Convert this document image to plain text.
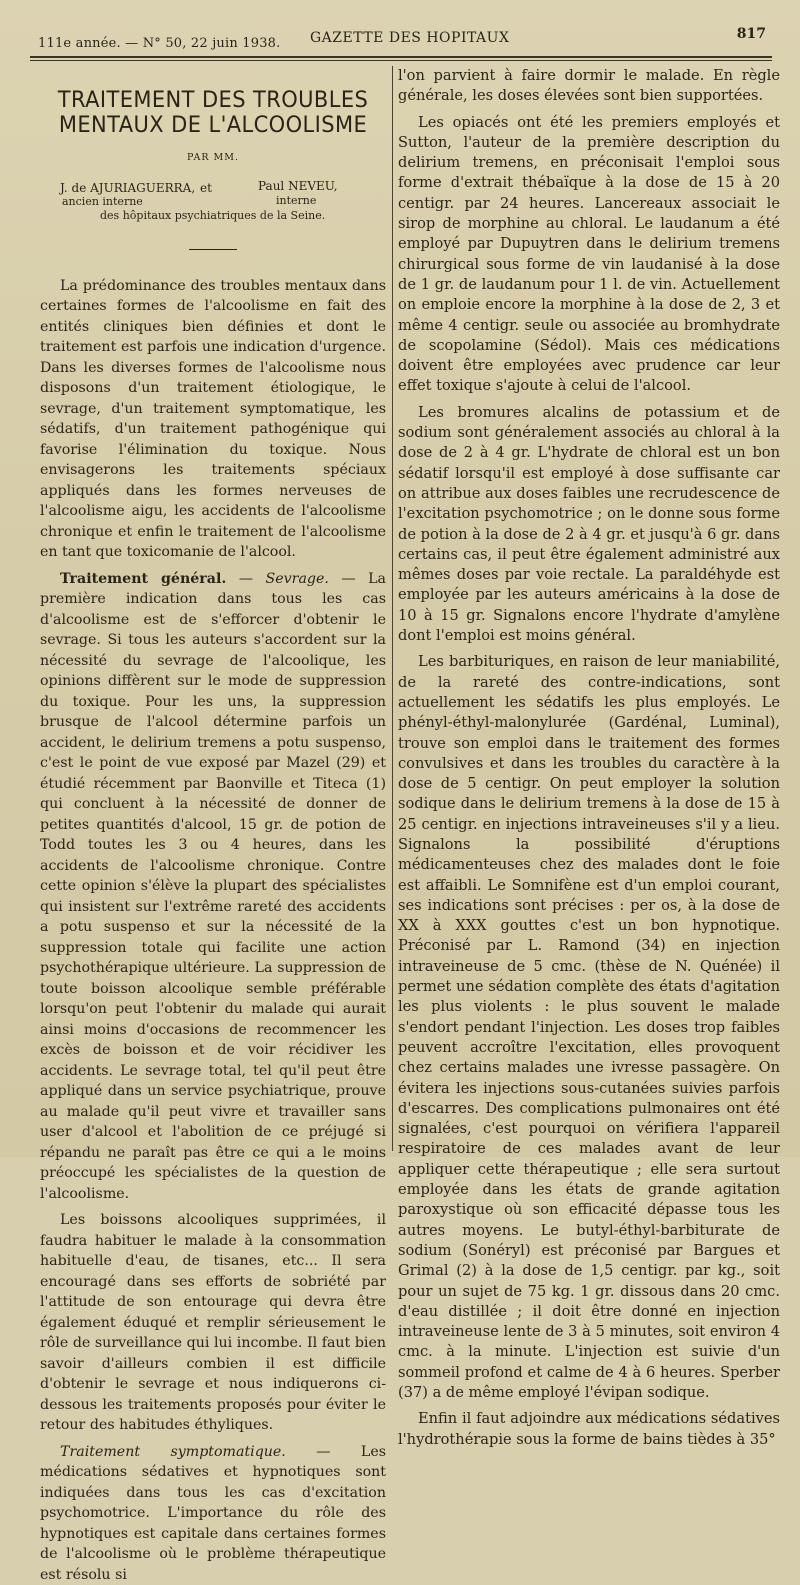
111e année. — N° 50, 22 juin 1938. GAZETTE DES HOPITAUX	817
TRAITEMENT DES TROUBLES MENTAUX DE L'ALCOOLISME
PAR MM.
J. de AJURIAGUERRA, et	Paul NEVEU,
ancien interne	interne
des hôpitaux psychiatriques de la Seine.

La prédominance des troubles mentaux dans certaines formes de l'alcoolisme en fait des entités cliniques bien définies et dont le traitement est parfois une indication d'urgence. Dans les diverses formes de l'alcoolisme nous disposons d'un traitement étiologique, le sevrage, d'un traitement symptomatique, les sédatifs, d'un traitement pathogénique qui favorise l'élimination du toxique. Nous envisagerons les traitements spéciaux appliqués dans les formes nerveuses de l'alcoolisme aigu, les accidents de l'alcoolisme chronique et enfin le traitement de l'alcoolisme en tant que toxicomanie de l'alcool.

Traitement général. — Sevrage. — La première indication dans tous les cas d'alcoolisme est de s'efforcer d'obtenir le sevrage. Si tous les auteurs s'accordent sur la nécessité du sevrage de l'alcoolique, les opinions diffèrent sur le mode de suppression du toxique. Pour les uns, la suppression brusque de l'alcool détermine parfois un accident, le delirium tremens a potu suspenso, c'est le point de vue exposé par Mazel (29) et étudié récemment par Baonville et Titeca (1) qui concluent à la nécessité de donner de petites quantités d'alcool, 15 gr. de potion de Todd toutes les 3 ou 4 heures, dans les accidents de l'alcoolisme chronique. Contre cette opinion s'élève la plupart des spécialistes qui insistent sur l'extrême rareté des accidents a potu suspenso et sur la nécessité de la suppression totale qui facilite une action psychothérapique ultérieure. La suppression de toute boisson alcoolique semble préférable lorsqu'on peut l'obtenir du malade qui aurait ainsi moins d'occasions de recommencer les excès de boisson et de voir récidiver les accidents. Le sevrage total, tel qu'il peut être appliqué dans un service psychiatrique, prouve au malade qu'il peut vivre et travailler sans user d'alcool et l'abolition de ce préjugé si répandu ne paraît pas être ce qui a le moins préoccupé les spécialistes de la question de l'alcoolisme.

Les boissons alcooliques supprimées, il faudra habituer le malade à la consommation habituelle d'eau, de tisanes, etc... Il sera encouragé dans ses efforts de sobriété par l'attitude de son entourage qui devra être également éduqué et remplir sérieusement le rôle de surveillance qui lui incombe. Il faut bien savoir d'ailleurs combien il est difficile d'obtenir le sevrage et nous indiquerons ci-dessous les traitements proposés pour éviter le retour des habitudes éthyliques.

Traitement symptomatique. — Les médications sédatives et hypnotiques sont indiquées dans tous les cas d'excitation psychomotrice. L'importance du rôle des hypnotiques est capitale dans certaines formes de l'alcoolisme où le problème thérapeutique est résolu si

l'on parvient à faire dormir le malade. En règle générale, les doses élevées sont bien supportées.

Les opiacés ont été les premiers employés et Sutton, l'auteur de la première description du delirium tremens, en préconisait l'emploi sous forme d'extrait thébaïque à la dose de 15 à 20 centigr. par 24 heures. Lancereaux associait le sirop de morphine au chloral. Le laudanum a été employé par Dupuytren dans le delirium tremens chirurgical sous forme de vin laudanisé à la dose de 1 gr. de laudanum pour 1 l. de vin. Actuellement on emploie encore la morphine à la dose de 2, 3 et même 4 centigr. seule ou associée au bromhydrate de scopolamine (Sédol). Mais ces médications doivent être employées avec prudence car leur effet toxique s'ajoute à celui de l'alcool.

Les bromures alcalins de potassium et de sodium sont généralement associés au chloral à la dose de 2 à 4 gr. L'hydrate de chloral est un bon sédatif lorsqu'il est employé à dose suffisante car on attribue aux doses faibles une recrudescence de l'excitation psychomotrice ; on le donne sous forme de potion à la dose de 2 à 4 gr. et jusqu'à 6 gr. dans certains cas, il peut être également administré aux mêmes doses par voie rectale. La paraldéhyde est employée par les auteurs américains à la dose de 10 à 15 gr. Signalons encore l'hydrate d'amylène dont l'emploi est moins général.

Les barbituriques, en raison de leur maniabilité, de la rareté des contre-indications, sont actuellement les sédatifs les plus employés. Le phényl-éthyl-malonylurée (Gardénal, Luminal), trouve son emploi dans le traitement des formes convulsives et dans les troubles du caractère à la dose de 5 centigr. On peut employer la solution sodique dans le delirium tremens à la dose de 15 à 25 centigr. en injections intraveineuses s'il y a lieu. Signalons la possibilité d'éruptions médicamenteuses chez des malades dont le foie est affaibli. Le Somnifène est d'un emploi courant, ses indications sont précises : per os, à la dose de XX à XXX gouttes c'est un bon hypnotique. Préconisé par L. Ramond (34) en injection intraveineuse de 5 cmc. (thèse de N. Quénée) il permet une sédation complète des états d'agitation les plus violents : le plus souvent le malade s'endort pendant l'injection. Les doses trop faibles peuvent accroître l'excitation, elles provoquent chez certains malades une ivresse passagère. On évitera les injections sous-cutanées suivies parfois d'escarres. Des complications pulmonaires ont été signalées, c'est pourquoi on vérifiera l'appareil respiratoire de ces malades avant de leur appliquer cette thérapeutique ; elle sera surtout employée dans les états de grande agitation paroxystique où son efficacité dépasse tous les autres moyens. Le butyl-éthyl-barbiturate de sodium (Sonéryl) est préconisé par Bargues et Grimal (2) à la dose de 1,5 centigr. par kg., soit pour un sujet de 75 kg. 1 gr. dissous dans 20 cmc. d'eau distillée ; il doit être donné en injection intraveineuse lente de 3 à 5 minutes, soit environ 4 cmc. à la minute. L'injection est suivie d'un sommeil profond et calme de 4 à 6 heures. Sperber (37) a de même employé l'évipan sodique.

Enfin il faut adjoindre aux médications sédatives l'hydrothérapie sous la forme de bains tièdes à 35°
